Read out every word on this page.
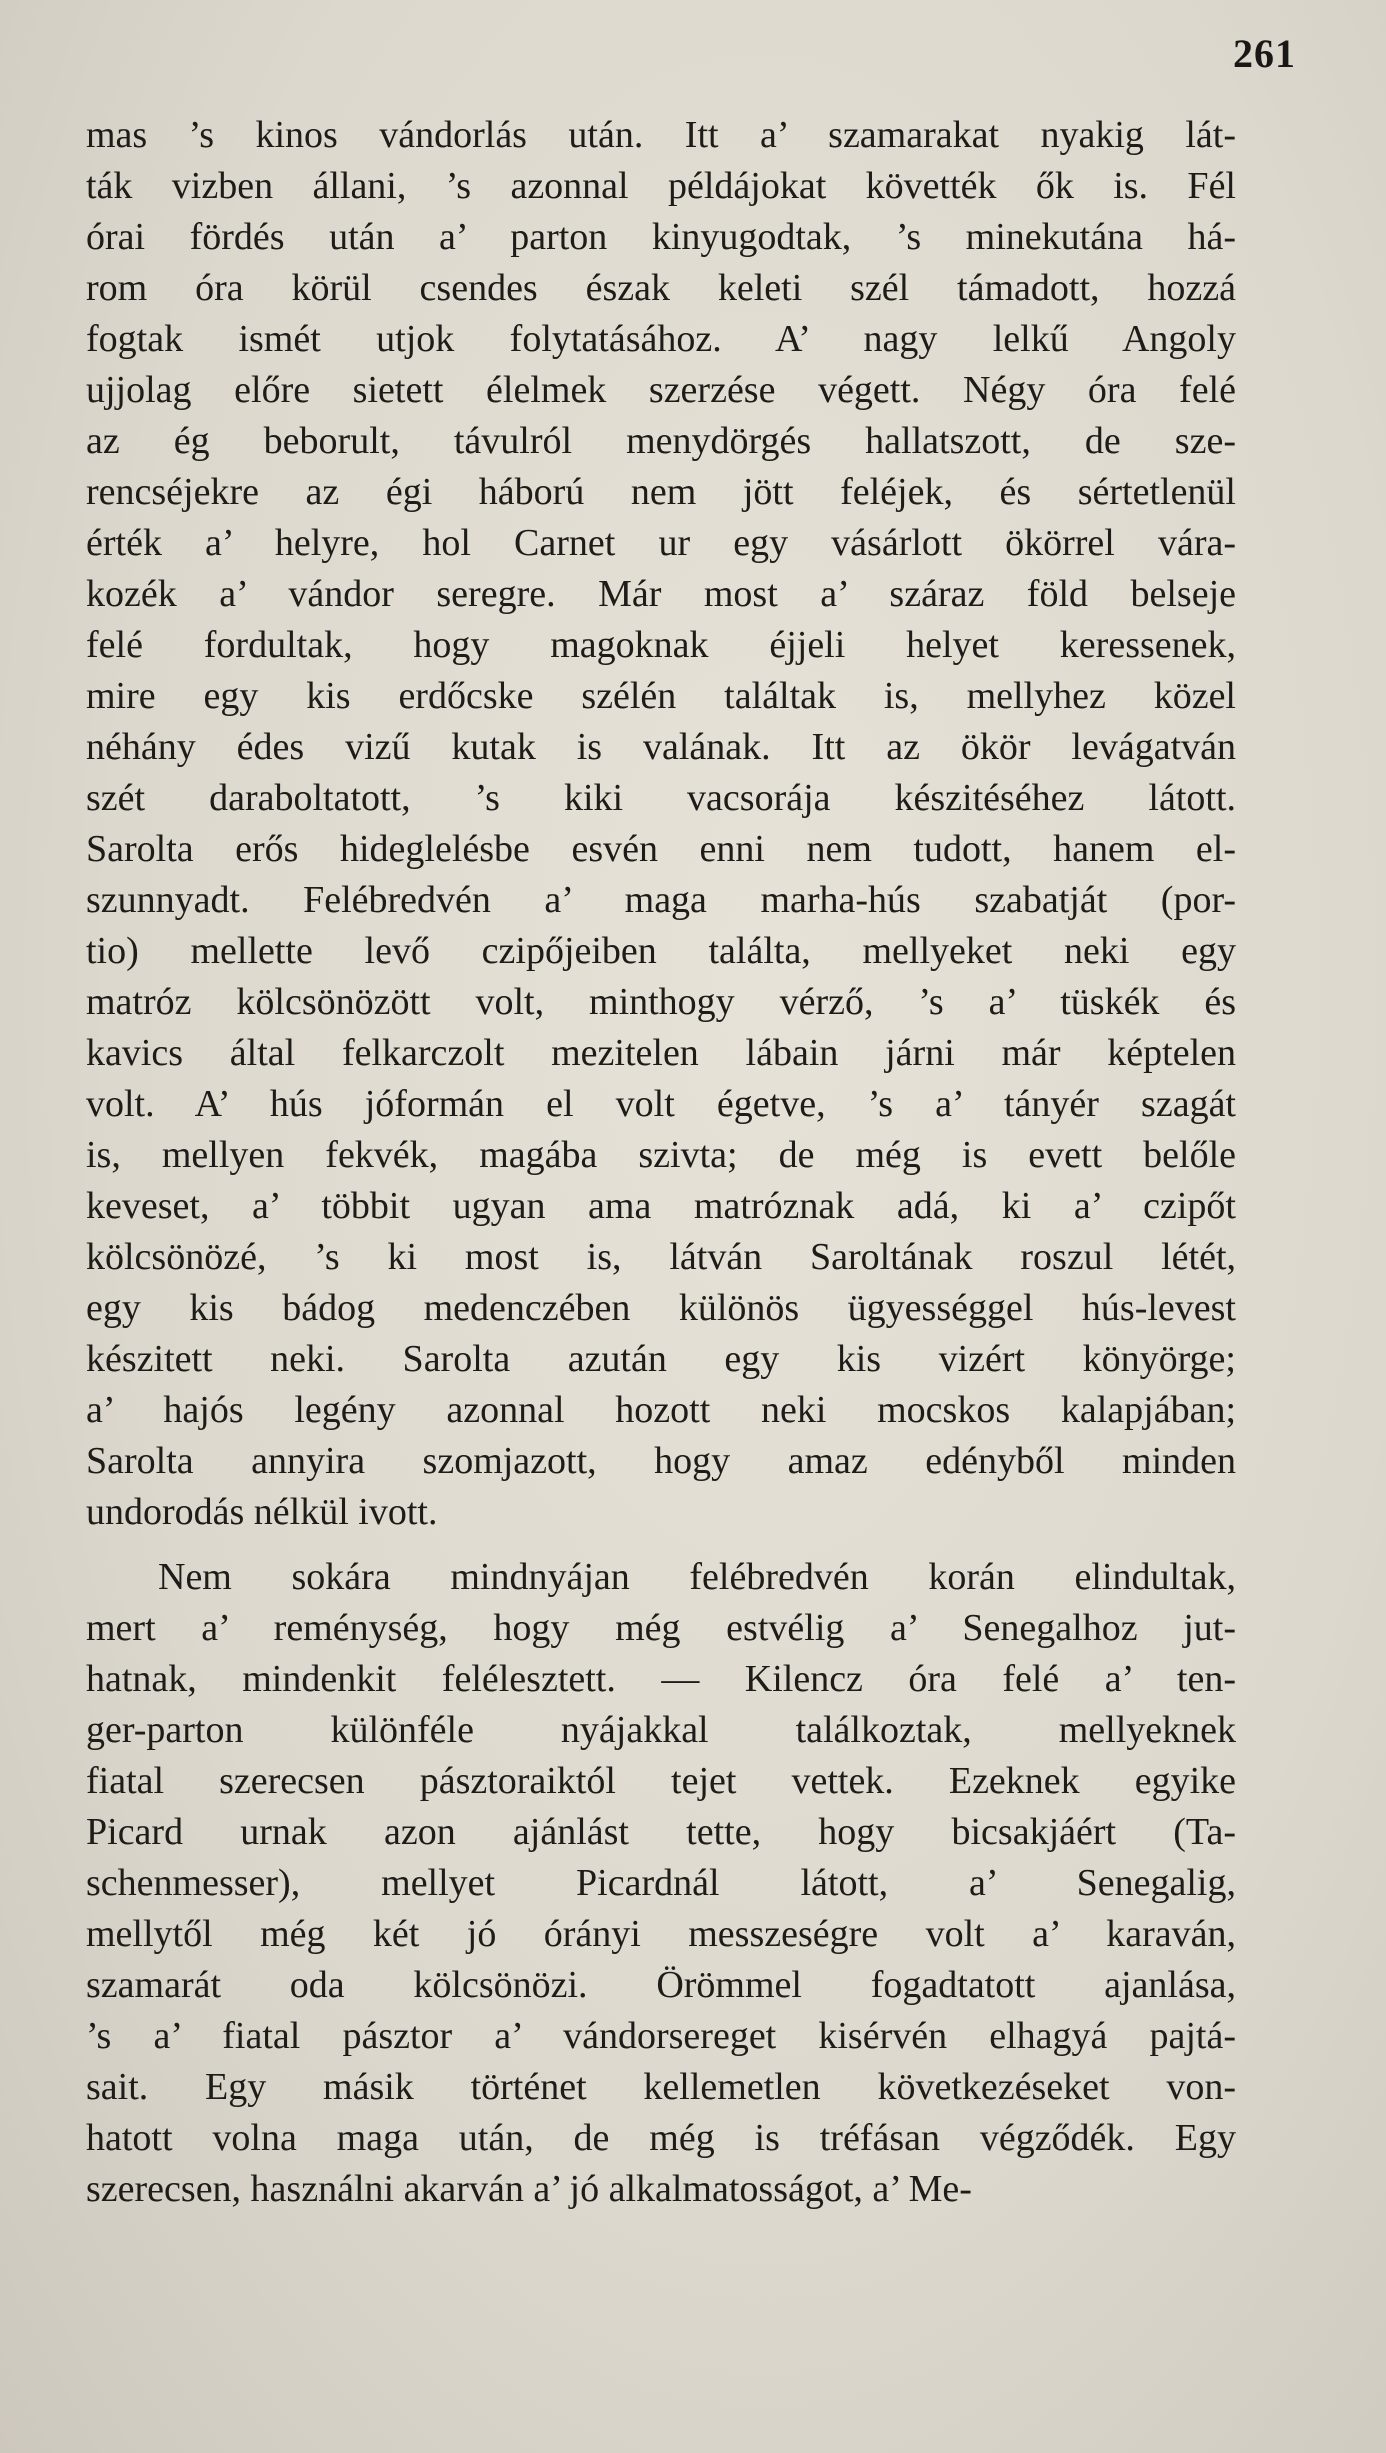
261
mas ’s kinos vándorlás után. Itt a’ szamarakat nyakig lát-
ták vizben állani, ’s azonnal példájokat követték ők is. Fél
órai fördés után a’ parton kinyugodtak, ’s minekutána há-
rom óra körül csendes észak keleti szél támadott, hozzá
fogtak ismét utjok folytatásához. A’ nagy lelkű Angoly
ujjolag előre sietett élelmek szerzése végett. Négy óra felé
az ég beborult, távulról menydörgés hallatszott, de sze-
rencséjekre az égi háború nem jött feléjek, és sértetlenül
érték a’ helyre, hol Carnet ur egy vásárlott ökörrel vára-
kozék a’ vándor seregre. Már most a’ száraz föld belseje
felé fordultak, hogy magoknak éjjeli helyet keressenek,
mire egy kis erdőcske szélén találtak is, mellyhez közel
néhány édes vizű kutak is valának. Itt az ökör levágatván
szét daraboltatott, ’s kiki vacsorája készitéséhez látott.
Sarolta erős hideglelésbe esvén enni nem tudott, hanem el-
szunnyadt. Felébredvén a’ maga marha-hús szabatját (por-
tio) mellette levő czipőjeiben találta, mellyeket neki egy
matróz kölcsönözött volt, minthogy vérző, ’s a’ tüskék és
kavics által felkarczolt mezitelen lábain járni már képtelen
volt. A’ hús jóformán el volt égetve, ’s a’ tányér szagát
is, mellyen fekvék, magába szivta; de még is evett belőle
keveset, a’ többit ugyan ama matróznak adá, ki a’ czipőt
kölcsönözé, ’s ki most is, látván Saroltának roszul létét,
egy kis bádog medenczében különös ügyességgel hús-levest
készitett neki. Sarolta azután egy kis vizért könyörge;
a’ hajós legény azonnal hozott neki mocskos kalapjában;
Sarolta annyira szomjazott, hogy amaz edényből minden
undorodás nélkül ivott.
Nem sokára mindnyájan felébredvén korán elindultak,
mert a’ reménység, hogy még estvélig a’ Senegalhoz jut-
hatnak, mindenkit felélesztett. — Kilencz óra felé a’ ten-
ger-parton különféle nyájakkal találkoztak, mellyeknek
fiatal szerecsen pásztoraiktól tejet vettek. Ezeknek egyike
Picard urnak azon ajánlást tette, hogy bicsakjáért (Ta-
schenmesser), mellyet Picardnál látott, a’ Senegalig,
mellytől még két jó órányi messzeségre volt a’ karaván,
szamarát oda kölcsönözi. Örömmel fogadtatott ajanlása,
’s a’ fiatal pásztor a’ vándorsereget kisérvén elhagyá pajtá-
sait. Egy másik történet kellemetlen következéseket von-
hatott volna maga után, de még is tréfásan végződék. Egy
szerecsen, használni akarván a’ jó alkalmatosságot, a’ Me-
